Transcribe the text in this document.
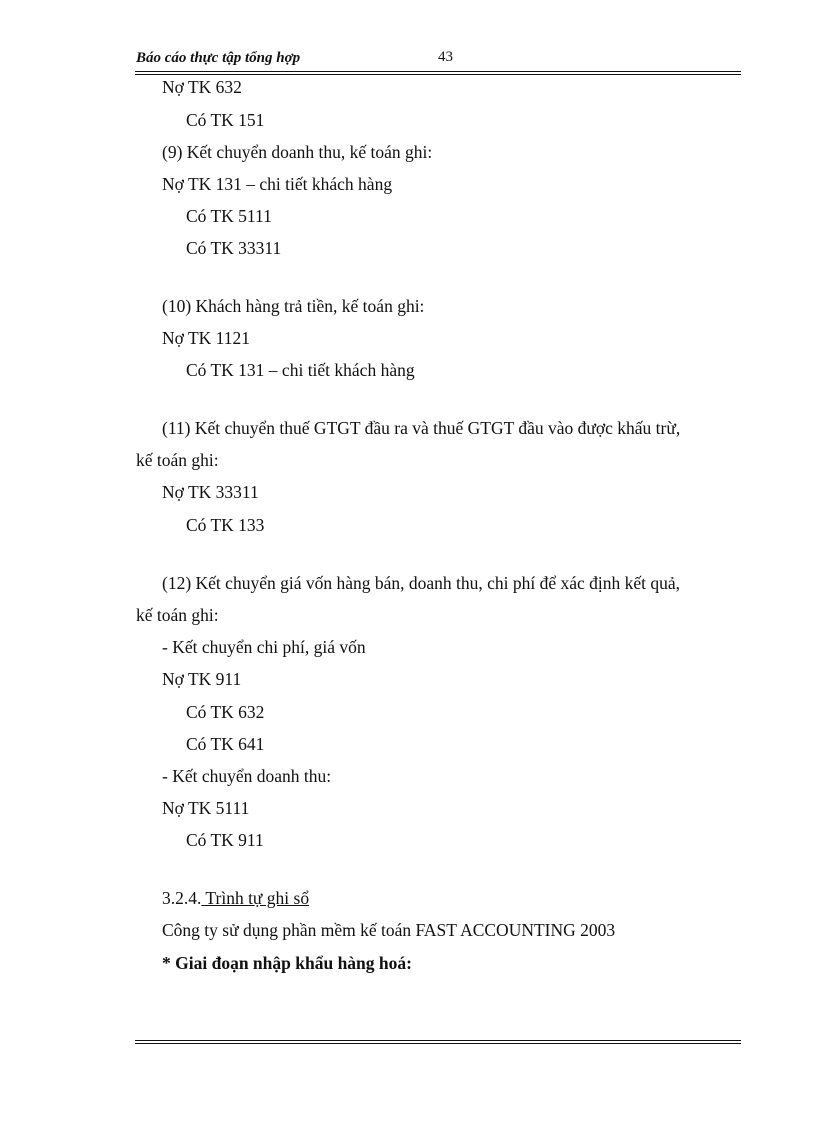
Báo cáo thực tập tổng hợp	43
Nợ TK 632
Có TK 151
(9) Kết chuyển doanh thu, kế toán ghi:
Nợ TK 131 – chi tiết khách hàng
Có TK 5111
Có TK 33311
(10) Khách hàng trả tiền, kế toán ghi:
Nợ TK 1121
Có TK 131 – chi tiết khách hàng
(11) Kết chuyển thuế GTGT đầu ra và thuế GTGT đầu vào được khấu trừ,
kế toán ghi:
Nợ TK 33311
Có TK 133
(12) Kết chuyển giá vốn hàng bán, doanh thu, chi phí để xác định kết quả,
kế toán ghi:
- Kết chuyển chi phí, giá vốn
Nợ TK 911
Có TK 632
Có TK 641
- Kết chuyển doanh thu:
Nợ TK 5111
Có TK 911
3.2.4. Trình tự ghi sổ
Công ty sử dụng phần mềm kế toán FAST ACCOUNTING 2003
* Giai đoạn nhập khẩu hàng hoá:
